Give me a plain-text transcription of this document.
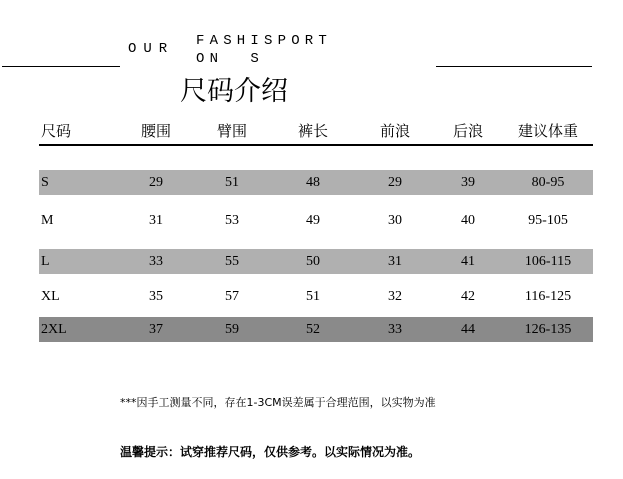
OUR FASHISPORT
ON  S
尺码介绍
尺码	腰围	臂围	裤长	前浪	后浪 建议体重
S	29	51	48	29	39	80-95
M	31	53	49	30	40	95-105
L	33	55	50	31	41	106-115
XL	35	57	51	32	42	116-125
2XL	37	59	52	33	44	126-135
***因手工测量不同，存在1-3CM误差属于合理范围，以实物为准
温馨提示：试穿推荐尺码，仅供参考。以实际情况为准。
